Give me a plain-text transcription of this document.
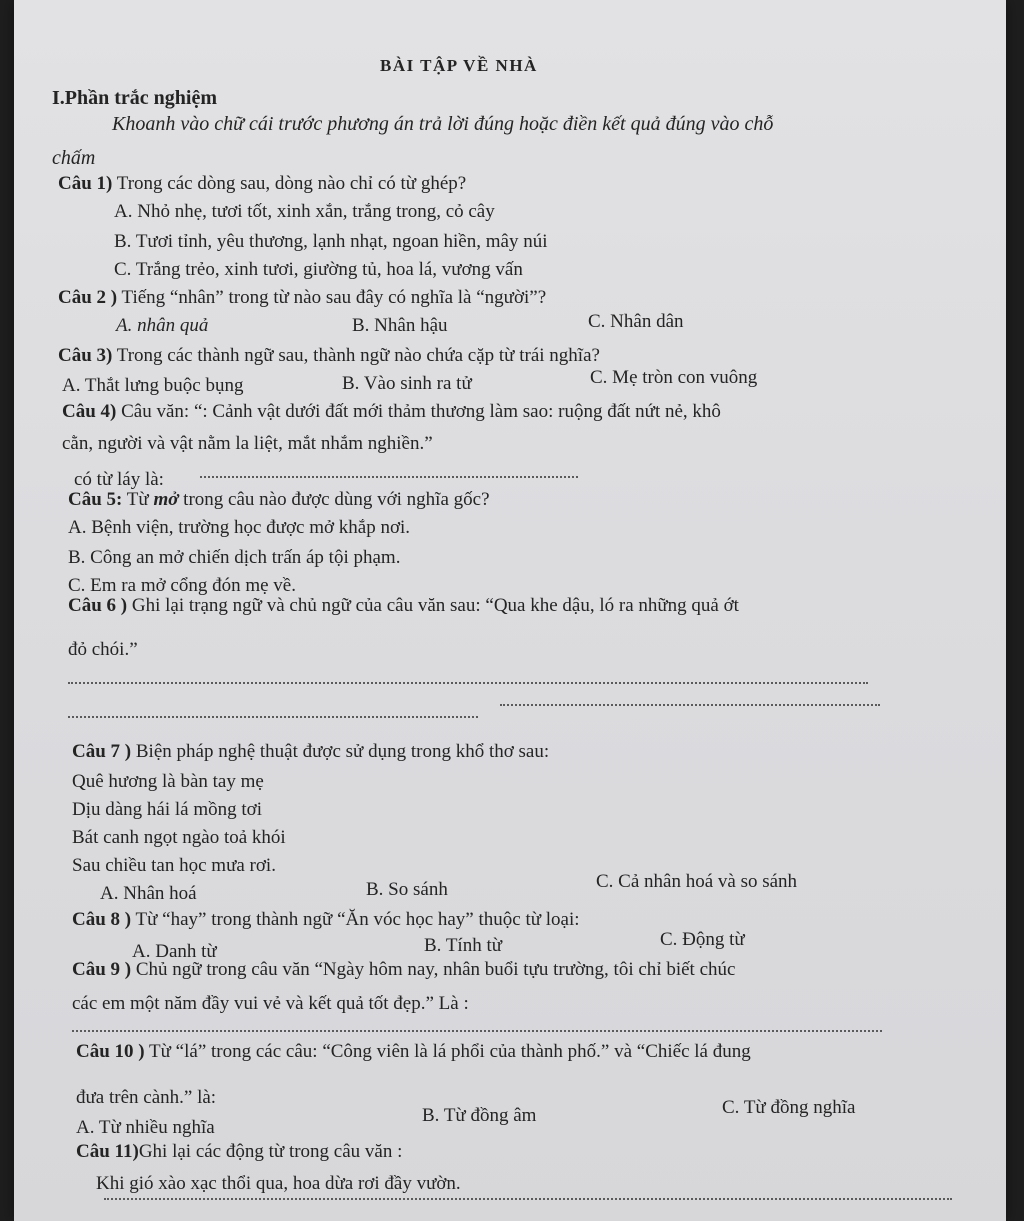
BÀI TẬP VỀ NHÀ
I.Phần trắc nghiệm
Khoanh vào chữ cái trước phương án trả lời đúng hoặc điền kết quả đúng vào chỗ
chấm
Câu 1) Trong các dòng sau, dòng nào chỉ có từ ghép?
A. Nhỏ nhẹ, tươi tốt, xinh xắn, trắng trong, cỏ cây
B. Tươi tỉnh, yêu thương, lạnh nhạt, ngoan hiền, mây núi
C. Trắng trẻo, xinh tươi, giường tủ, hoa lá, vương vấn
Câu 2 ) Tiếng “nhân” trong từ nào sau đây có nghĩa là “người”?
A. nhân quả	B. Nhân hậu	C. Nhân dân
Câu 3) Trong các thành ngữ sau, thành ngữ nào chứa cặp từ trái nghĩa?
A. Thắt lưng buộc bụng	B. Vào sinh ra tử	C. Mẹ tròn con vuông
Câu 4) Câu văn: “: Cảnh vật dưới đất mới thảm thương làm sao: ruộng đất nứt nẻ, khô
cằn, người và vật nằm la liệt, mắt nhắm nghiền.”
có từ láy là:
Câu 5: Từ mở trong câu nào được dùng với nghĩa gốc?
A. Bệnh viện, trường học được mở khắp nơi.
B. Công an mở chiến dịch trấn áp tội phạm.
C. Em ra mở cổng đón mẹ về.
Câu 6 ) Ghi lại trạng ngữ và chủ ngữ của câu văn sau: “Qua khe dậu, ló ra những quả ớt
đỏ chói.”
Câu 7 ) Biện pháp nghệ thuật được sử dụng trong khổ thơ sau:
Quê hương là bàn tay mẹ
Dịu dàng hái lá mồng tơi
Bát canh ngọt ngào toả khói
Sau chiều tan học mưa rơi.
A. Nhân hoá	B. So sánh	C. Cả nhân hoá và so sánh
Câu 8 ) Từ “hay” trong thành ngữ “Ăn vóc học hay” thuộc từ loại:
A. Danh từ	B. Tính từ	C. Động từ
Câu 9 ) Chủ ngữ trong câu văn “Ngày hôm nay, nhân buổi tựu trường, tôi chỉ biết chúc
các em một năm đầy vui vẻ và kết quả tốt đẹp.” Là :
Câu 10 ) Từ “lá” trong các câu: “Công viên là lá phổi của thành phố.” và “Chiếc lá đung
đưa trên cành.” là:
A. Từ nhiều nghĩa
B. Từ đồng âm	C. Từ đồng nghĩa
Câu 11)Ghi lại các động từ trong câu văn :
Khi gió xào xạc thổi qua, hoa dừa rơi đầy vườn.
